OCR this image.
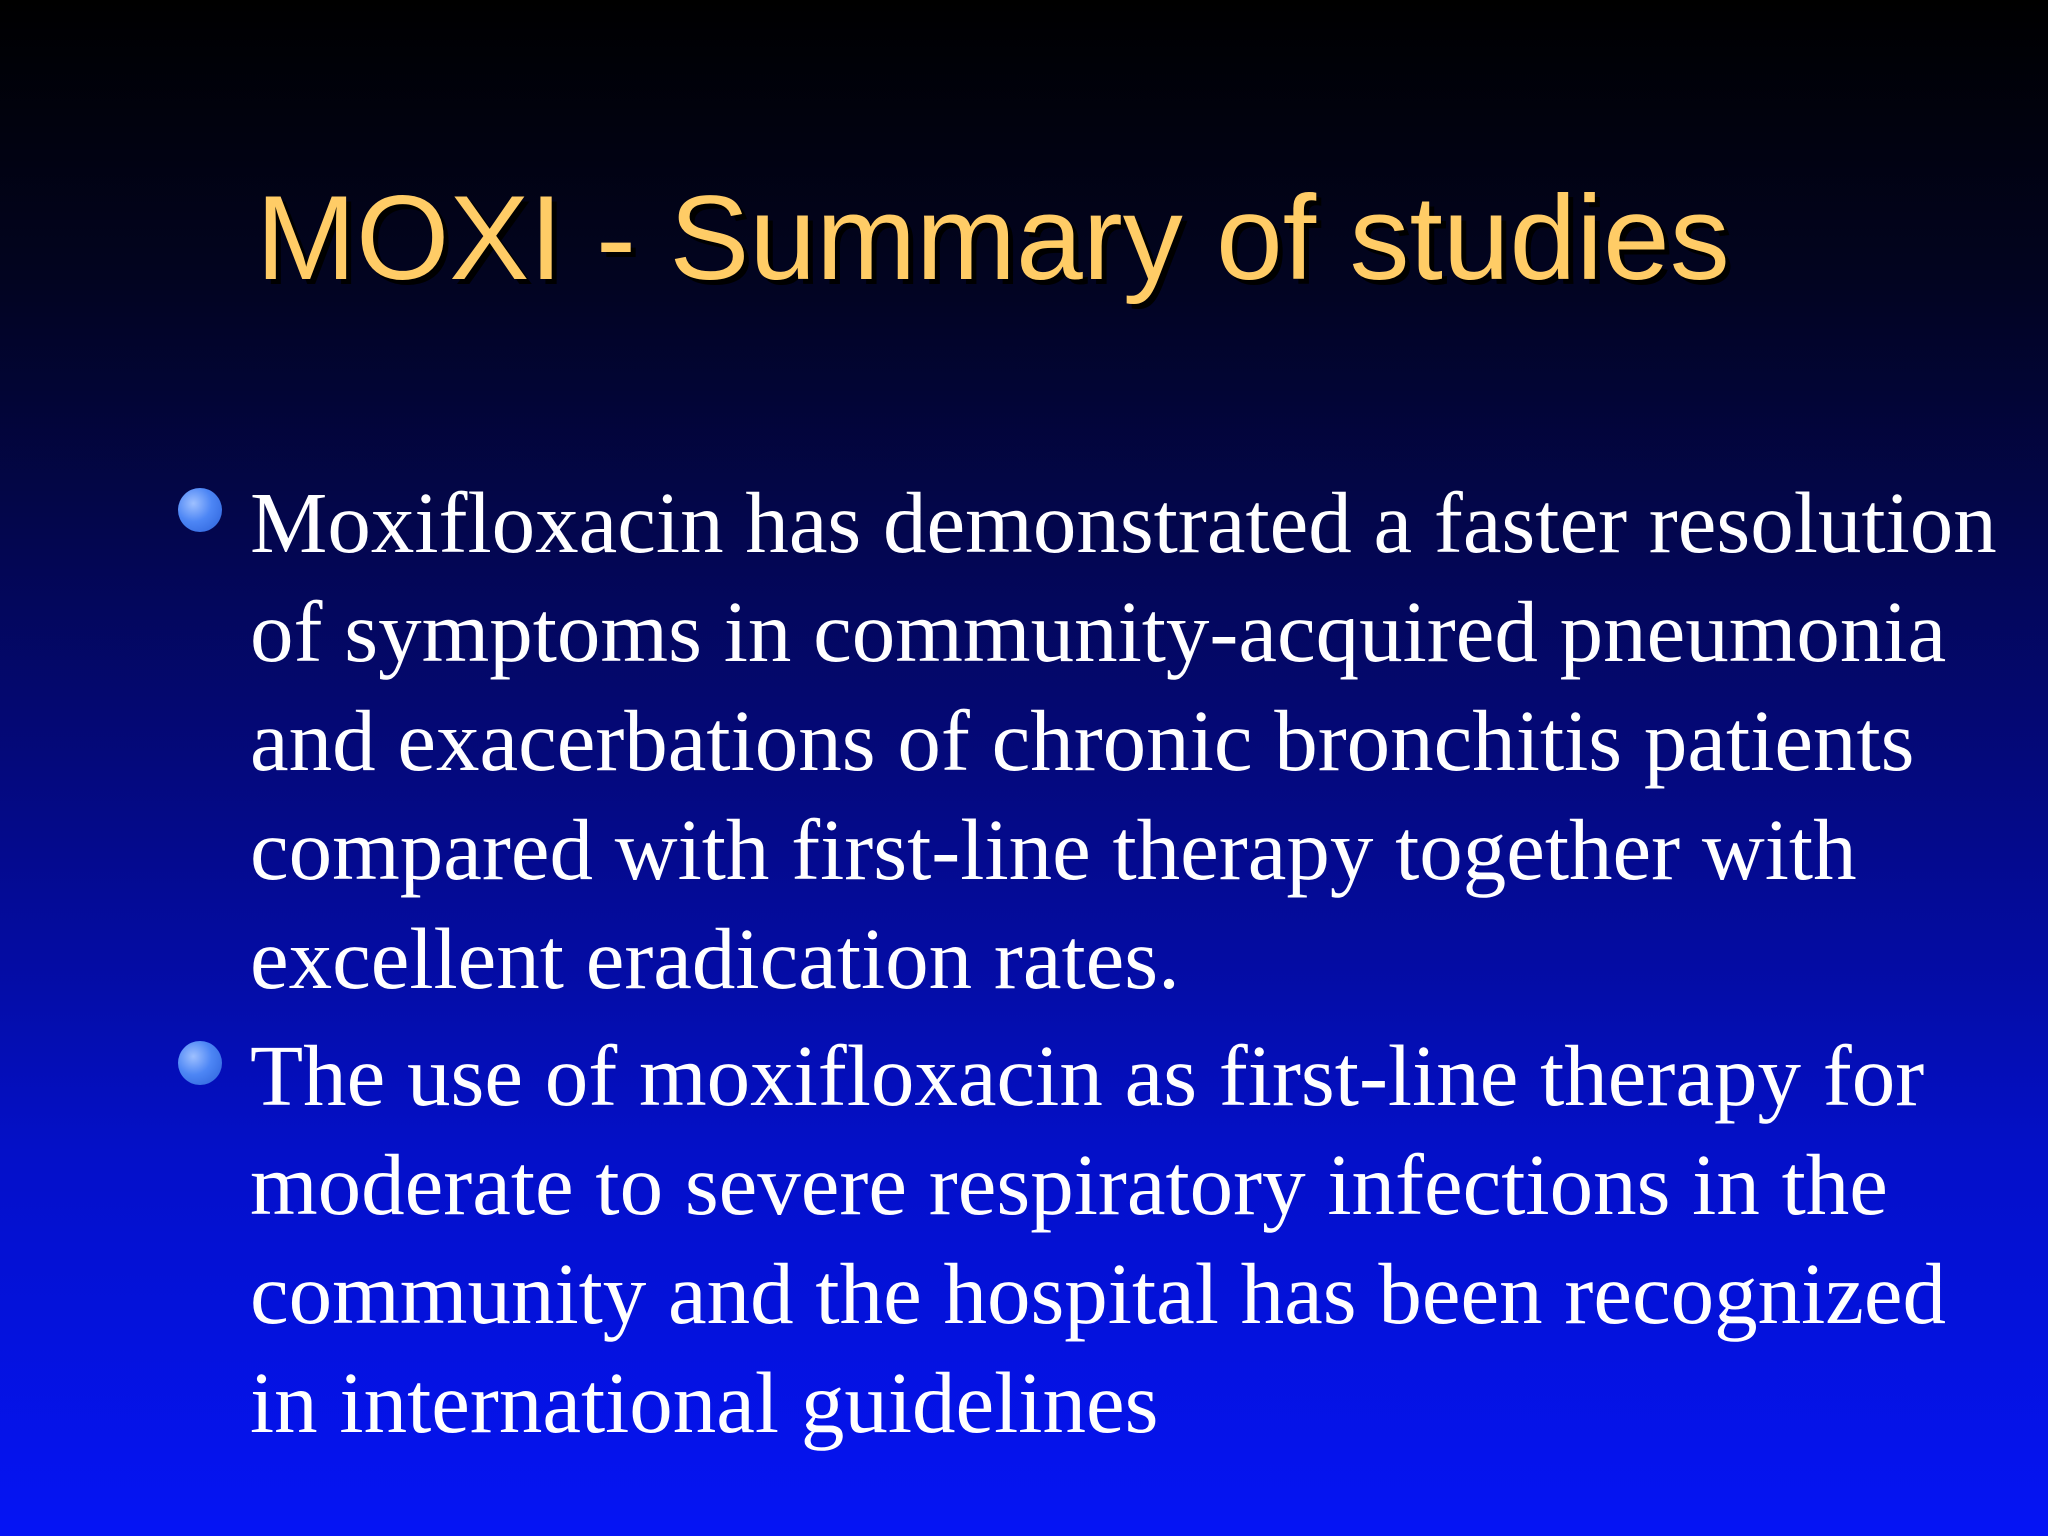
MOXI - Summary of studies
Moxifloxacin has demonstrated a faster resolution of symptoms in community-acquired pneumonia and exacerbations of chronic bronchitis patients compared with first-line therapy together with excellent eradication rates.
The use of moxifloxacin as first-line therapy for moderate to severe respiratory infections in the community and the hospital has been recognized in international guidelines
